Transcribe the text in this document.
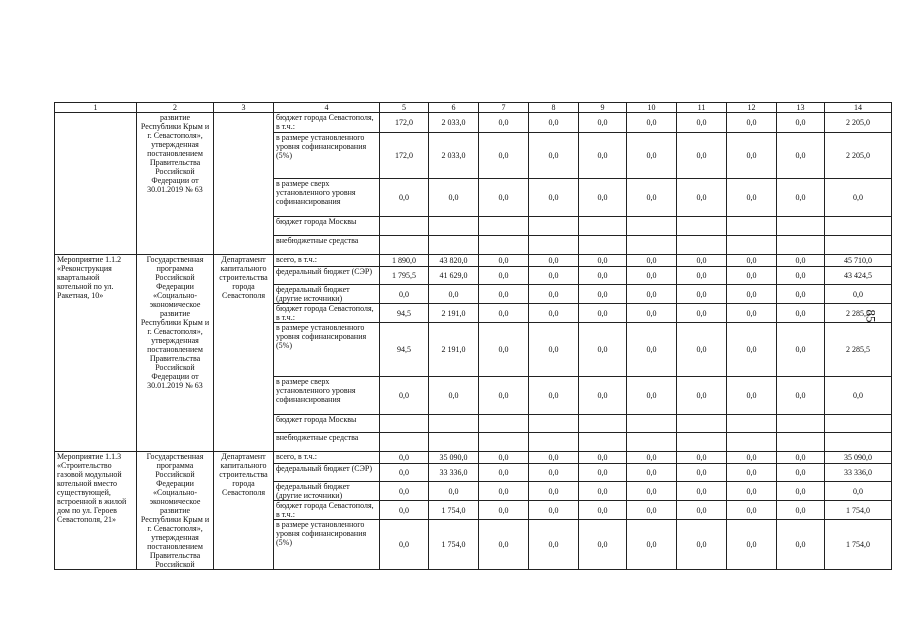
1	2	3	4	5	6	7	8	9	10	11	12	13	14
	развитие Республики Крым и г. Севастополя», утвержденная постановлением Правительства Российской Федерации от 30.01.2019 № 63		бюджет города Севастополя, в т.ч.:	172,0	2 033,0	0,0	0,0	0,0	0,0	0,0	0,0	0,0	2 205,0
			в размере установленного уровня софинансирования (5%)	172,0	2 033,0	0,0	0,0	0,0	0,0	0,0	0,0	0,0	2 205,0
			в размере сверх установленного уровня софинансирования	0,0	0,0	0,0	0,0	0,0	0,0	0,0	0,0	0,0	0,0
			бюджет города Москвы										
			внебюджетные средства										
Мероприятие 1.1.2 «Реконструкция квартальной котельной по ул. Ракетная, 10»	Государственная программа Российской Федерации «Социально-экономическое развитие Республики Крым и г. Севастополя», утвержденная постановлением Правительства Российской Федерации от 30.01.2019 № 63	Департамент капитального строительства города Севастополя	всего, в т.ч.:	1 890,0	43 820,0	0,0	0,0	0,0	0,0	0,0	0,0	0,0	45 710,0
			федеральный бюджет (СЭР)	1 795,5	41 629,0	0,0	0,0	0,0	0,0	0,0	0,0	0,0	43 424,5
			федеральный бюджет (другие источники)	0,0	0,0	0,0	0,0	0,0	0,0	0,0	0,0	0,0	0,0
			бюджет города Севастополя, в т.ч.:	94,5	2 191,0	0,0	0,0	0,0	0,0	0,0	0,0	0,0	2 285,5
			в размере установленного уровня софинансирования (5%)	94,5	2 191,0	0,0	0,0	0,0	0,0	0,0	0,0	0,0	2 285,5
			в размере сверх установленного уровня софинансирования	0,0	0,0	0,0	0,0	0,0	0,0	0,0	0,0	0,0	0,0
			бюджет города Москвы										
			внебюджетные средства										
Мероприятие 1.1.3 «Строительство газовой модульной котельной вместо существующей, встроенной в жилой дом по ул. Героев Севастополя, 21»	Государственная программа Российской Федерации «Социально-экономическое развитие Республики Крым и г. Севастополя», утвержденная постановлением Правительства Российской	Департамент капитального строительства города Севастополя	всего, в т.ч.:	0,0	35 090,0	0,0	0,0	0,0	0,0	0,0	0,0	0,0	35 090,0
			федеральный бюджет (СЭР)	0,0	33 336,0	0,0	0,0	0,0	0,0	0,0	0,0	0,0	33 336,0
			федеральный бюджет (другие источники)	0,0	0,0	0,0	0,0	0,0	0,0	0,0	0,0	0,0	0,0
			бюджет города Севастополя, в т.ч.:	0,0	1 754,0	0,0	0,0	0,0	0,0	0,0	0,0	0,0	1 754,0
			в размере установленного уровня софинансирования (5%)	0,0	1 754,0	0,0	0,0	0,0	0,0	0,0	0,0	0,0	1 754,0
85
